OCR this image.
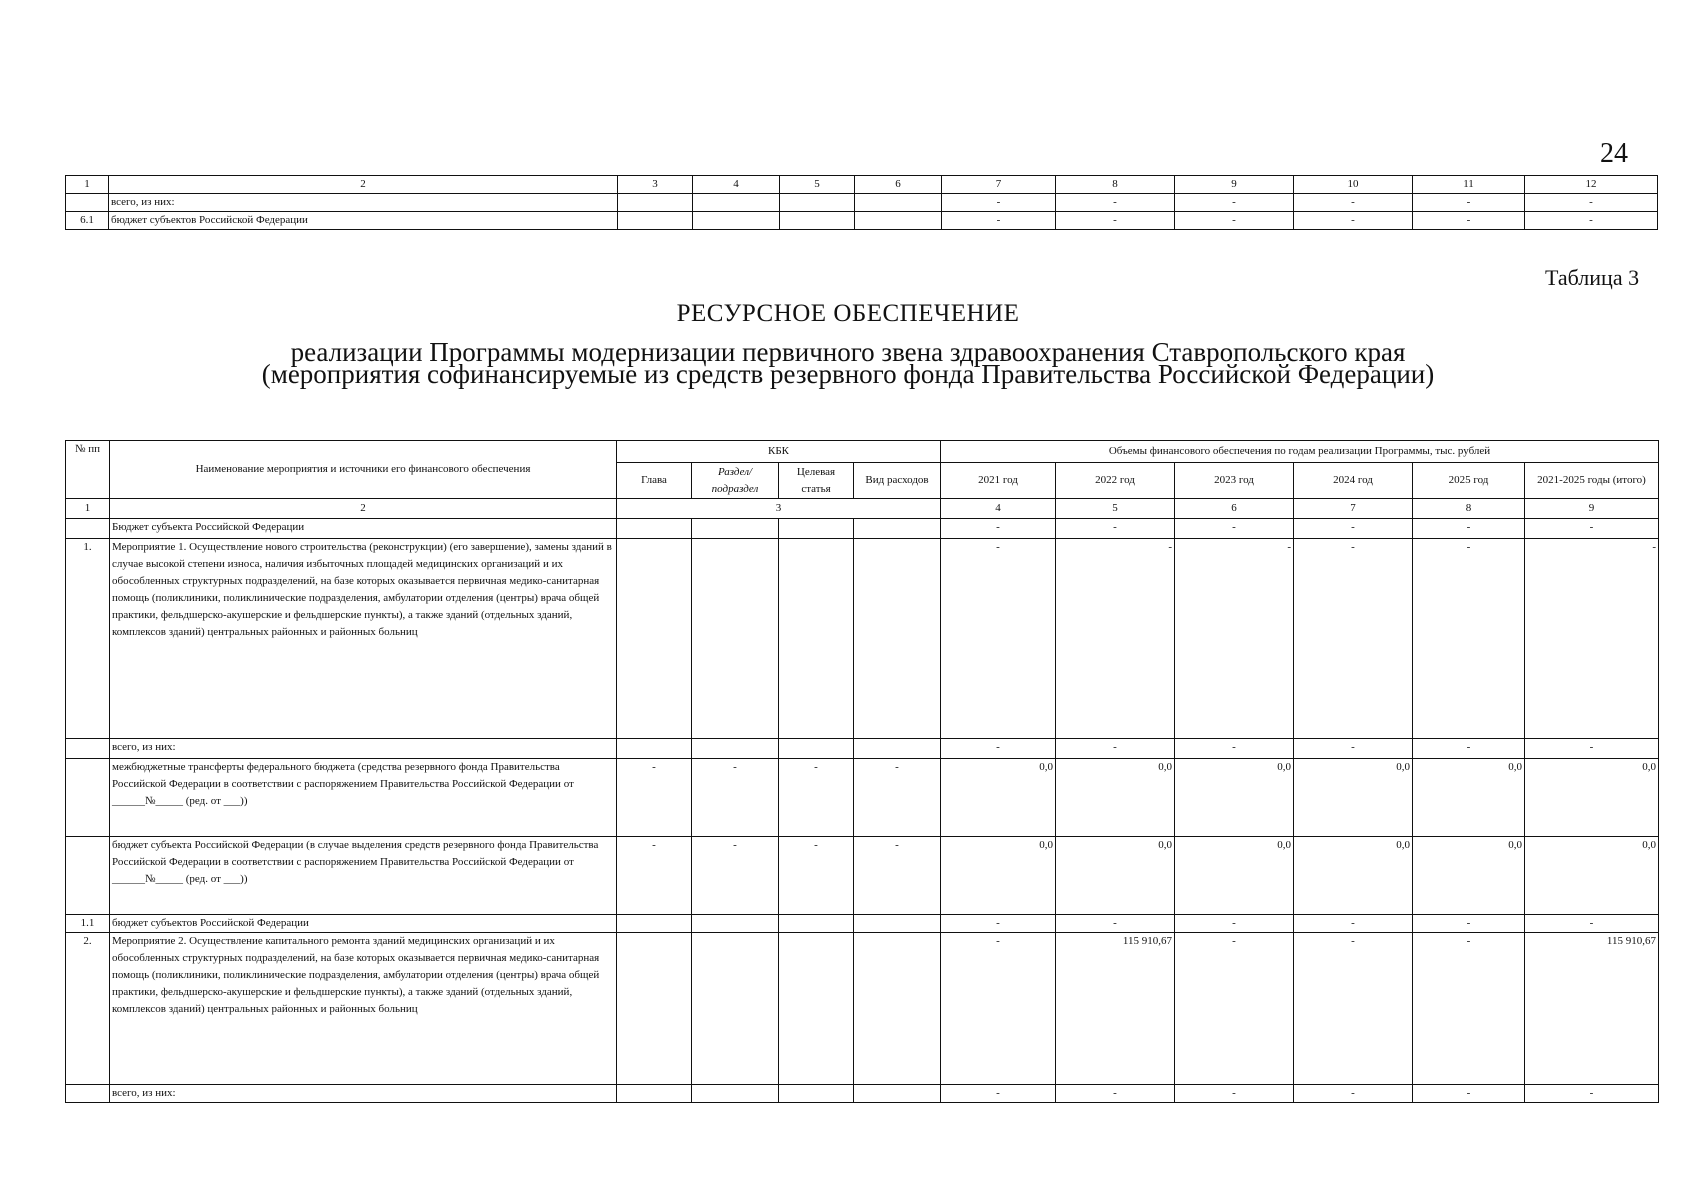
24
1	2	3	4	5	6	7	8	9	10	11	12
	всего, из них:					-	-	-	-	-	-
6.1	бюджет субъектов Российской Федерации					-	-	-	-	-	-
Таблица 3
РЕСУРСНОЕ ОБЕСПЕЧЕНИЕ
реализации Программы модернизации первичного звена здравоохранения Ставропольского края
(мероприятия софинансируемые из средств резервного фонда Правительства Российской Федерации)
№ пп	Наименование мероприятия и источники его финансового обеспечения	КБК				Объемы финансового обеспечения по годам реализации Программы, тыс. рублей					
		Глава	Раздел/ подраздел	Целевая статья	Вид расходов	2021 год	2022 год	2023 год	2024 год	2025 год	2021-2025 годы (итого)
1	2	3				4	5	6	7	8	9
	Бюджет субъекта Российской Федерации					-	-	-	-	-	-
1.	Мероприятие 1. Осуществление нового строительства (реконструкции) (его завершение), замены зданий в случае высокой степени износа, наличия избыточных площадей медицинских организаций и их обособленных структурных подразделений, на базе которых оказывается первичная медико-санитарная помощь (поликлиники, поликлинические подразделения, амбулатории отделения (центры) врача общей практики, фельдшерско-акушерские и фельдшерские пункты), а также зданий (отдельных зданий, комплексов зданий) центральных районных и районных больниц					-	-	-	-	-	-
	всего, из них:					-	-	-	-	-	-
	межбюджетные трансферты федерального бюджета (средства резервного фонда Правительства Российской Федерации в соответствии с распоряжением Правительства Российской Федерации от ______№_____ (ред. от ___))	-	-	-	-	0,0	0,0	0,0	0,0	0,0	0,0
	бюджет субъекта Российской Федерации (в случае выделения средств резервного фонда Правительства Российской Федерации в соответствии с распоряжением Правительства Российской Федерации от ______№_____ (ред. от ___))	-	-	-	-	0,0	0,0	0,0	0,0	0,0	0,0
1.1	бюджет субъектов Российской Федерации					-	-	-	-	-	-
2.	Мероприятие 2. Осуществление капитального ремонта зданий медицинских организаций и их обособленных структурных подразделений, на базе которых оказывается первичная медико-санитарная помощь (поликлиники, поликлинические подразделения, амбулатории отделения (центры) врача общей практики, фельдшерско-акушерские и фельдшерские пункты), а также зданий (отдельных зданий, комплексов зданий) центральных районных и районных больниц					-	115 910,67	-	-	-	115 910,67
	всего, из них:					-	-	-	-	-	-
